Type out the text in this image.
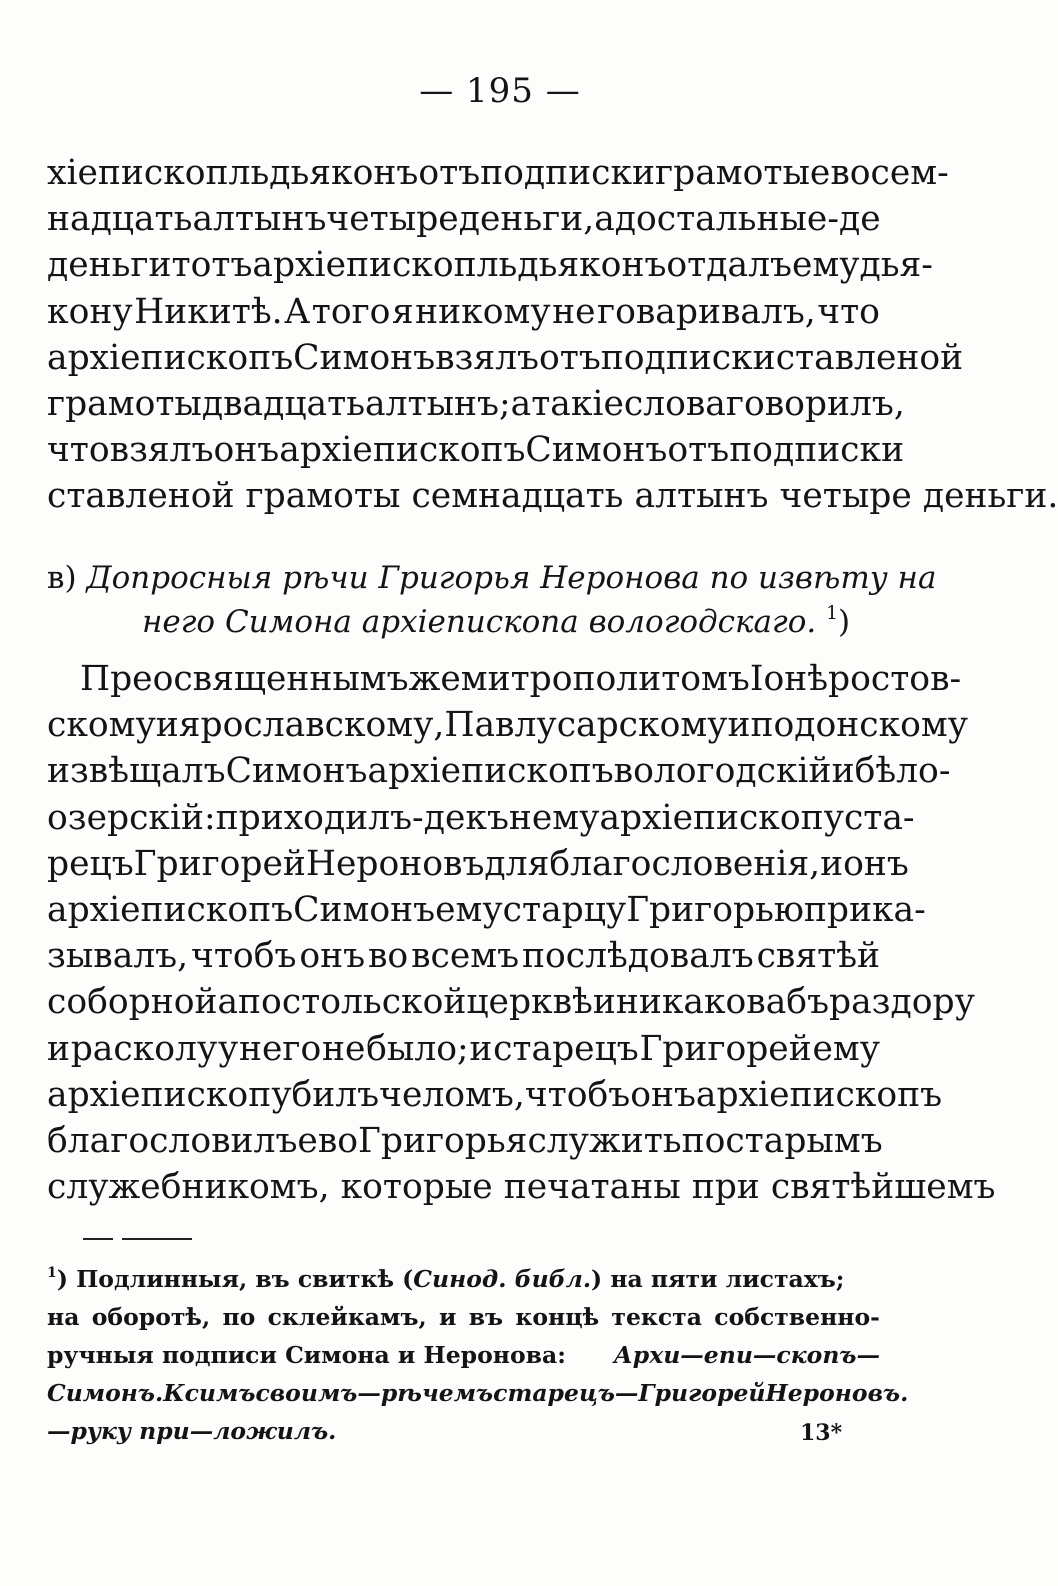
— 195 —
хіепископль дьяконъ отъ подписки грамоты ево сем-
надцать алтынъ четыре деньги, а достальные-де
деньги тотъ архіепископль дьяконъ отдалъ ему дья-
кону Никитѣ. А того я никому не говаривалъ, что
архіепископъ Симонъ взялъ отъ подписки ставленой
грамоты двадцать алтынъ; а такіе слова говорилъ,
что взялъ онъ архіепископъ Симонъ отъ подписки
ставленой грамоты семнадцать алтынъ четыре деньги.
в) Допросныя рѣчи Григорья Неронова по извѣту на
него Симона архіепископа вологодскаго. $^1$)
Преосвященнымъ же митрополитомъ Іонѣ ростов-
скому и ярославскому, Павлу сарскому и подонскому
извѣщалъ Симонъ архіепископъ вологодскій и бѣло-
озерскій: приходилъ-де къ нему архіепископу ста-
рецъ Григорей Нероновъ для благословенія, и онъ
архіепископъ Симонъ ему старцу Григорью прика-
зывалъ, чтобъ онъ во всемъ послѣдовалъ святѣй
соборной апостольской церквѣ и никакова бъ раздору
и расколу у него не было; и старецъ Григорей ему
архіепископу билъ челомъ, чтобъ онъ архіепископъ
благословилъ ево Григорья служить по старымъ
служебникомъ, которые печатаны при святѣйшемъ
$^1$) Подлинныя, въ свиткѣ (Синод. библ.) на пяти листахъ;
на оборотѣ, по склейкамъ, и въ концѣ текста собственно-
ручныя подписи Симона и Неронова: Архи—епи—скопъ—
Симонъ. К симъ своимъ—рѣчемъ старецъ—Григорей Нероновъ.
—руку при—ложилъ.	13*
